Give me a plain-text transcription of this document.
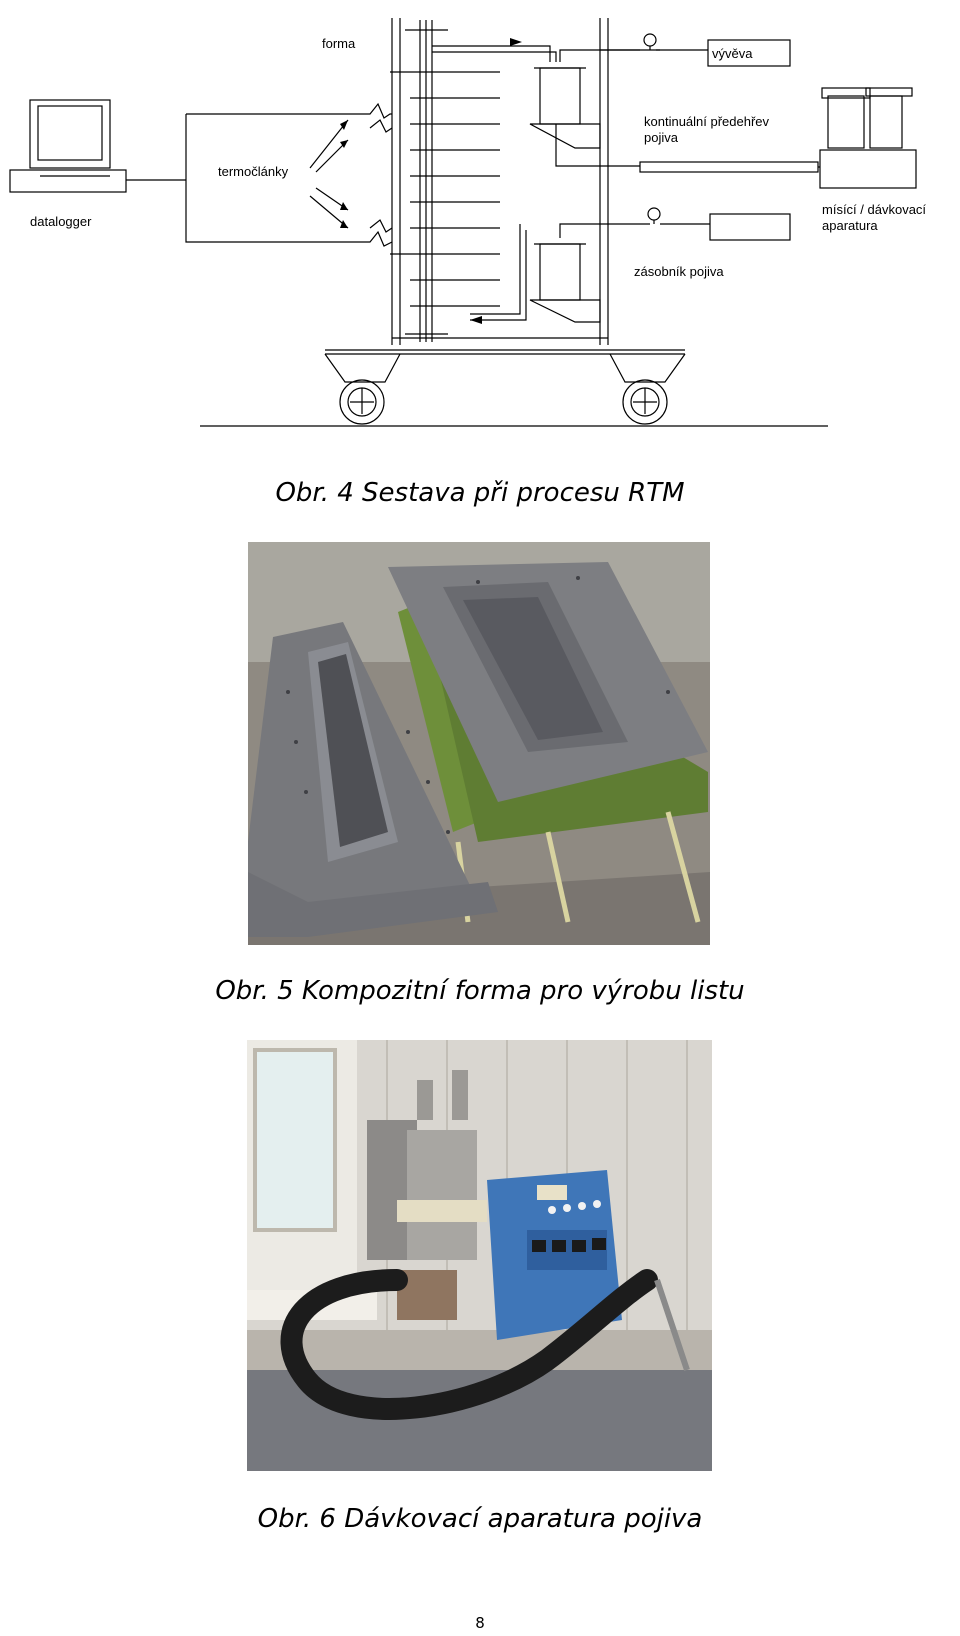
forma
vývěva
termočlánky
datalogger
kontinuální předehřev
pojiva
mísící / dávkovací
aparatura
zásobník pojiva
Obr. 4 Sestava při procesu RTM
Obr. 5 Kompozitní forma pro výrobu listu
Obr. 6 Dávkovací aparatura pojiva
8
